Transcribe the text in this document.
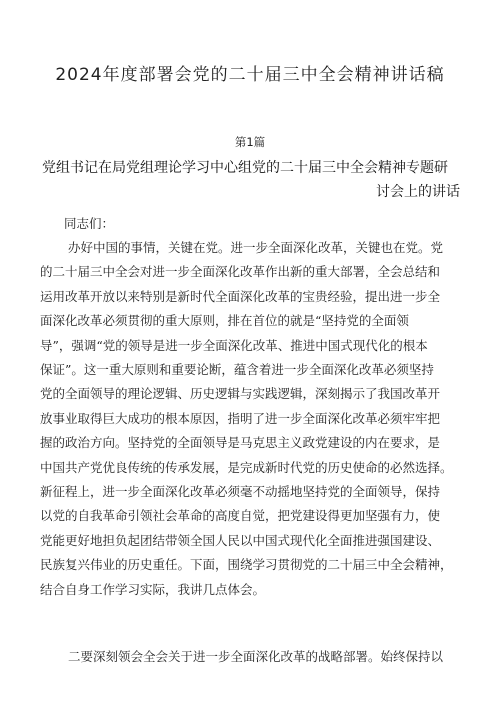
2024年度部署会党的二十届三中全会精神讲话稿
第1篇
党组书记在局党组理论学习中心组党的二十届三中全会精神专题研
讨会上的讲话
同志们：
办好中国的事情，关键在党。进一步全面深化改革，关键也在党。党
的二十届三中全会对进一步全面深化改革作出新的重大部署，全会总结和
运用改革开放以来特别是新时代全面深化改革的宝贵经验，提出进一步全
面深化改革必须贯彻的重大原则，排在首位的就是“坚持党的全面领
导”，强调“党的领导是进一步全面深化改革、推进中国式现代化的根本
保证”。这一重大原则和重要论断，蕴含着进一步全面深化改革必须坚持
党的全面领导的理论逻辑、历史逻辑与实践逻辑，深刻揭示了我国改革开
放事业取得巨大成功的根本原因，指明了进一步全面深化改革必须牢牢把
握的政治方向。坚持党的全面领导是马克思主义政党建设的内在要求，是
中国共产党优良传统的传承发展，是完成新时代党的历史使命的必然选择。
新征程上，进一步全面深化改革必须毫不动摇地坚持党的全面领导，保持
以党的自我革命引领社会革命的高度自觉，把党建设得更加坚强有力，使
党能更好地担负起团结带领全国人民以中国式现代化全面推进强国建设、
民族复兴伟业的历史重任。下面，围绕学习贯彻党的二十届三中全会精神，
结合自身工作学习实际，我讲几点体会。
二要深刻领会全会关于进一步全面深化改革的战略部署。始终保持以
